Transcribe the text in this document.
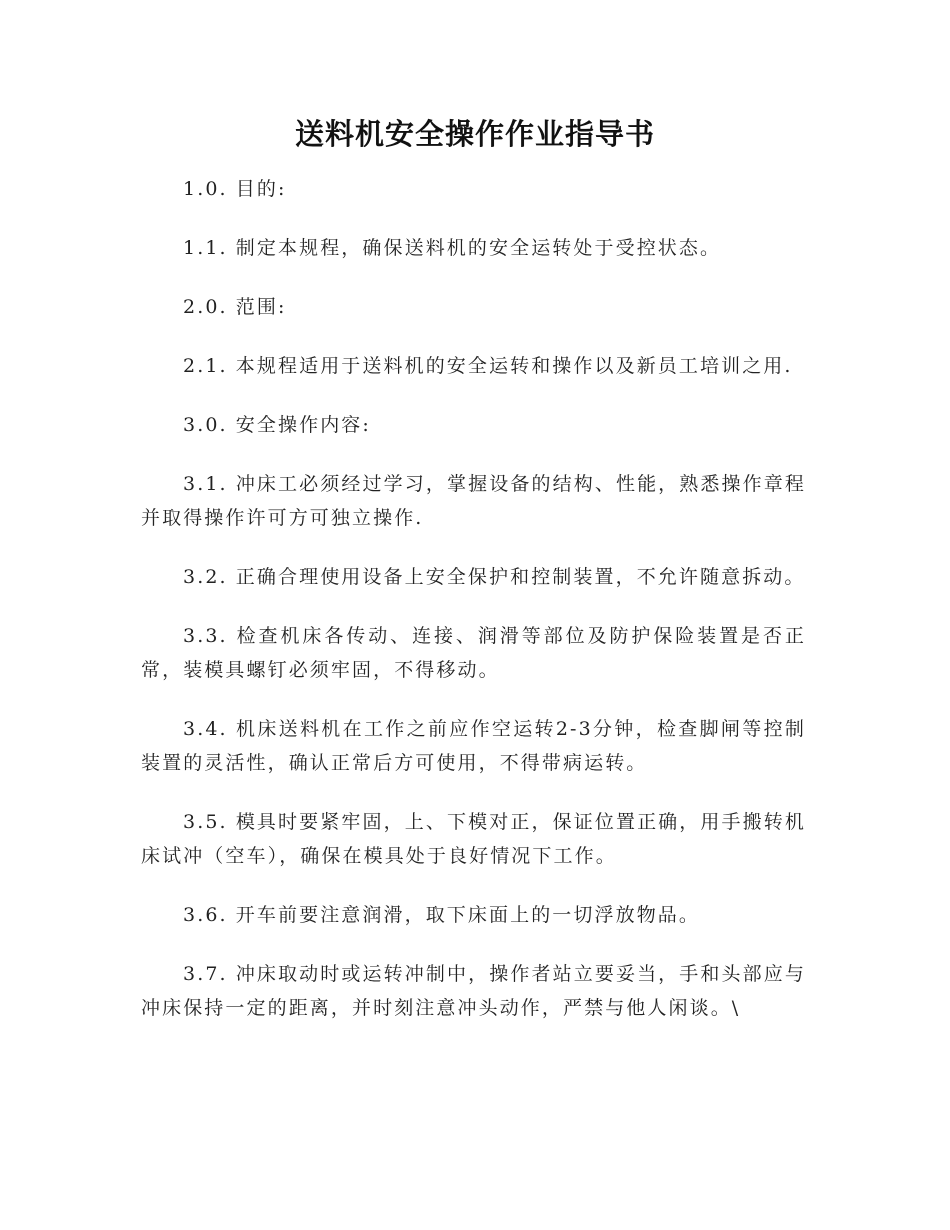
送料机安全操作作业指导书

1.0. 目的:

1.1. 制定本规程，确保送料机的安全运转处于受控状态。

2.0. 范围:

2.1. 本规程适用于送料机的安全运转和操作以及新员工培训之用.

3.0. 安全操作内容:

3.1. 冲床工必须经过学习，掌握设备的结构、性能，熟悉操作章程并取得操作许可方可独立操作.

3.2. 正确合理使用设备上安全保护和控制装置，不允许随意拆动。

3.3. 检查机床各传动、连接、润滑等部位及防护保险装置是否正常，装模具螺钉必须牢固，不得移动。

3.4. 机床送料机在工作之前应作空运转2-3分钟，检查脚闸等控制装置的灵活性，确认正常后方可使用，不得带病运转。

3.5. 模具时要紧牢固，上、下模对正，保证位置正确，用手搬转机床试冲（空车），确保在模具处于良好情况下工作。

3.6. 开车前要注意润滑，取下床面上的一切浮放物品。

3.7. 冲床取动时或运转冲制中，操作者站立要妥当，手和头部应与冲床保持一定的距离，并时刻注意冲头动作，严禁与他人闲谈。\
